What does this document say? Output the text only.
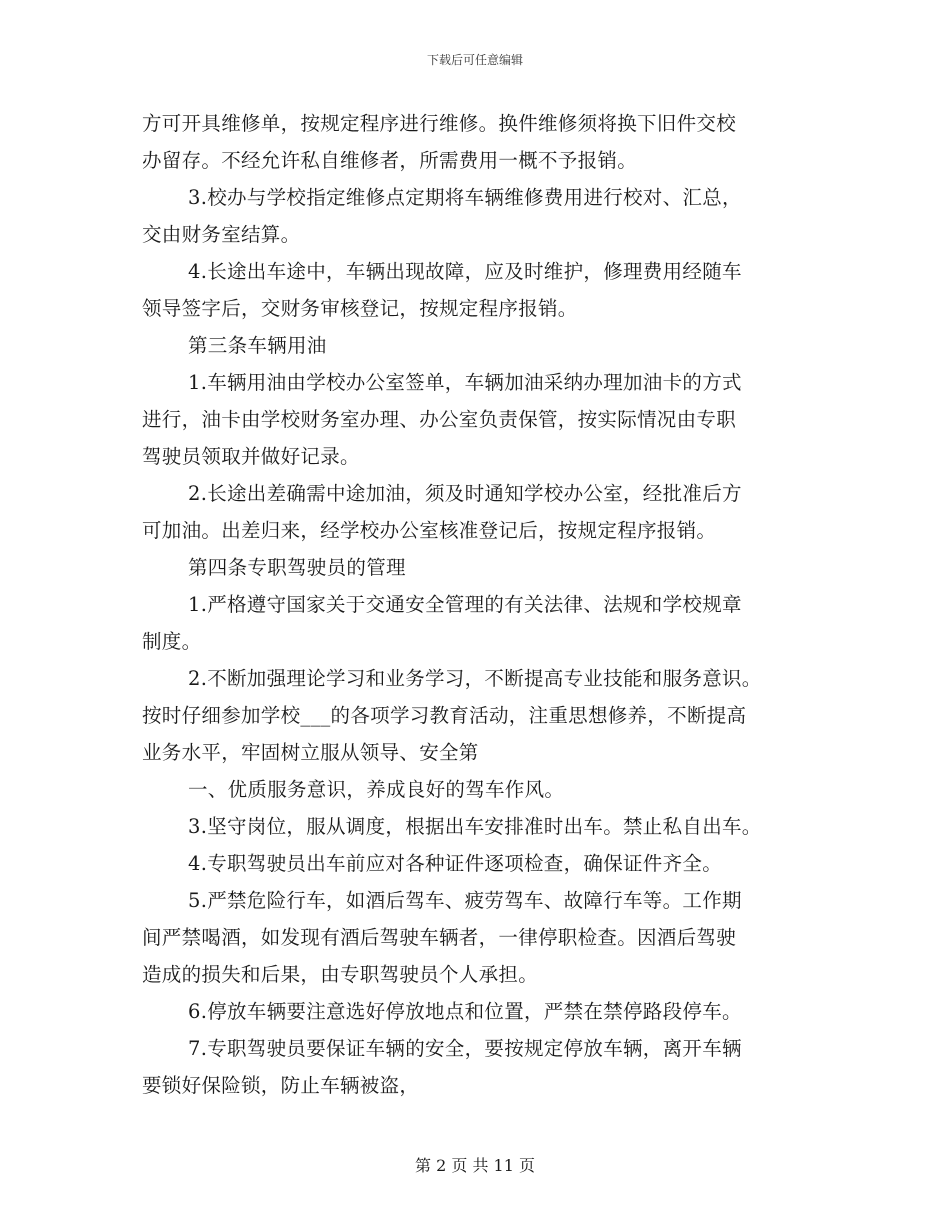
下载后可任意编辑
方可开具维修单，按规定程序进行维修。换件维修须将换下旧件交校
办留存。不经允许私自维修者，所需费用一概不予报销。
3.校办与学校指定维修点定期将车辆维修费用进行校对、汇总，
交由财务室结算。
4.长途出车途中，车辆出现故障，应及时维护，修理费用经随车
领导签字后，交财务审核登记，按规定程序报销。
第三条车辆用油
1.车辆用油由学校办公室签单，车辆加油采纳办理加油卡的方式
进行，油卡由学校财务室办理、办公室负责保管，按实际情况由专职
驾驶员领取并做好记录。
2.长途出差确需中途加油，须及时通知学校办公室，经批准后方
可加油。出差归来，经学校办公室核准登记后，按规定程序报销。
第四条专职驾驶员的管理
1.严格遵守国家关于交通安全管理的有关法律、法规和学校规章
制度。
2.不断加强理论学习和业务学习，不断提高专业技能和服务意识。
按时仔细参加学校___的各项学习教育活动，注重思想修养，不断提高
业务水平，牢固树立服从领导、安全第
一、优质服务意识，养成良好的驾车作风。
3.坚守岗位，服从调度，根据出车安排准时出车。禁止私自出车。
4.专职驾驶员出车前应对各种证件逐项检查，确保证件齐全。
5.严禁危险行车，如酒后驾车、疲劳驾车、故障行车等。工作期
间严禁喝酒，如发现有酒后驾驶车辆者，一律停职检查。因酒后驾驶
造成的损失和后果，由专职驾驶员个人承担。
6.停放车辆要注意选好停放地点和位置，严禁在禁停路段停车。
7.专职驾驶员要保证车辆的安全，要按规定停放车辆，离开车辆
要锁好保险锁，防止车辆被盗，
第 2 页 共 11 页
